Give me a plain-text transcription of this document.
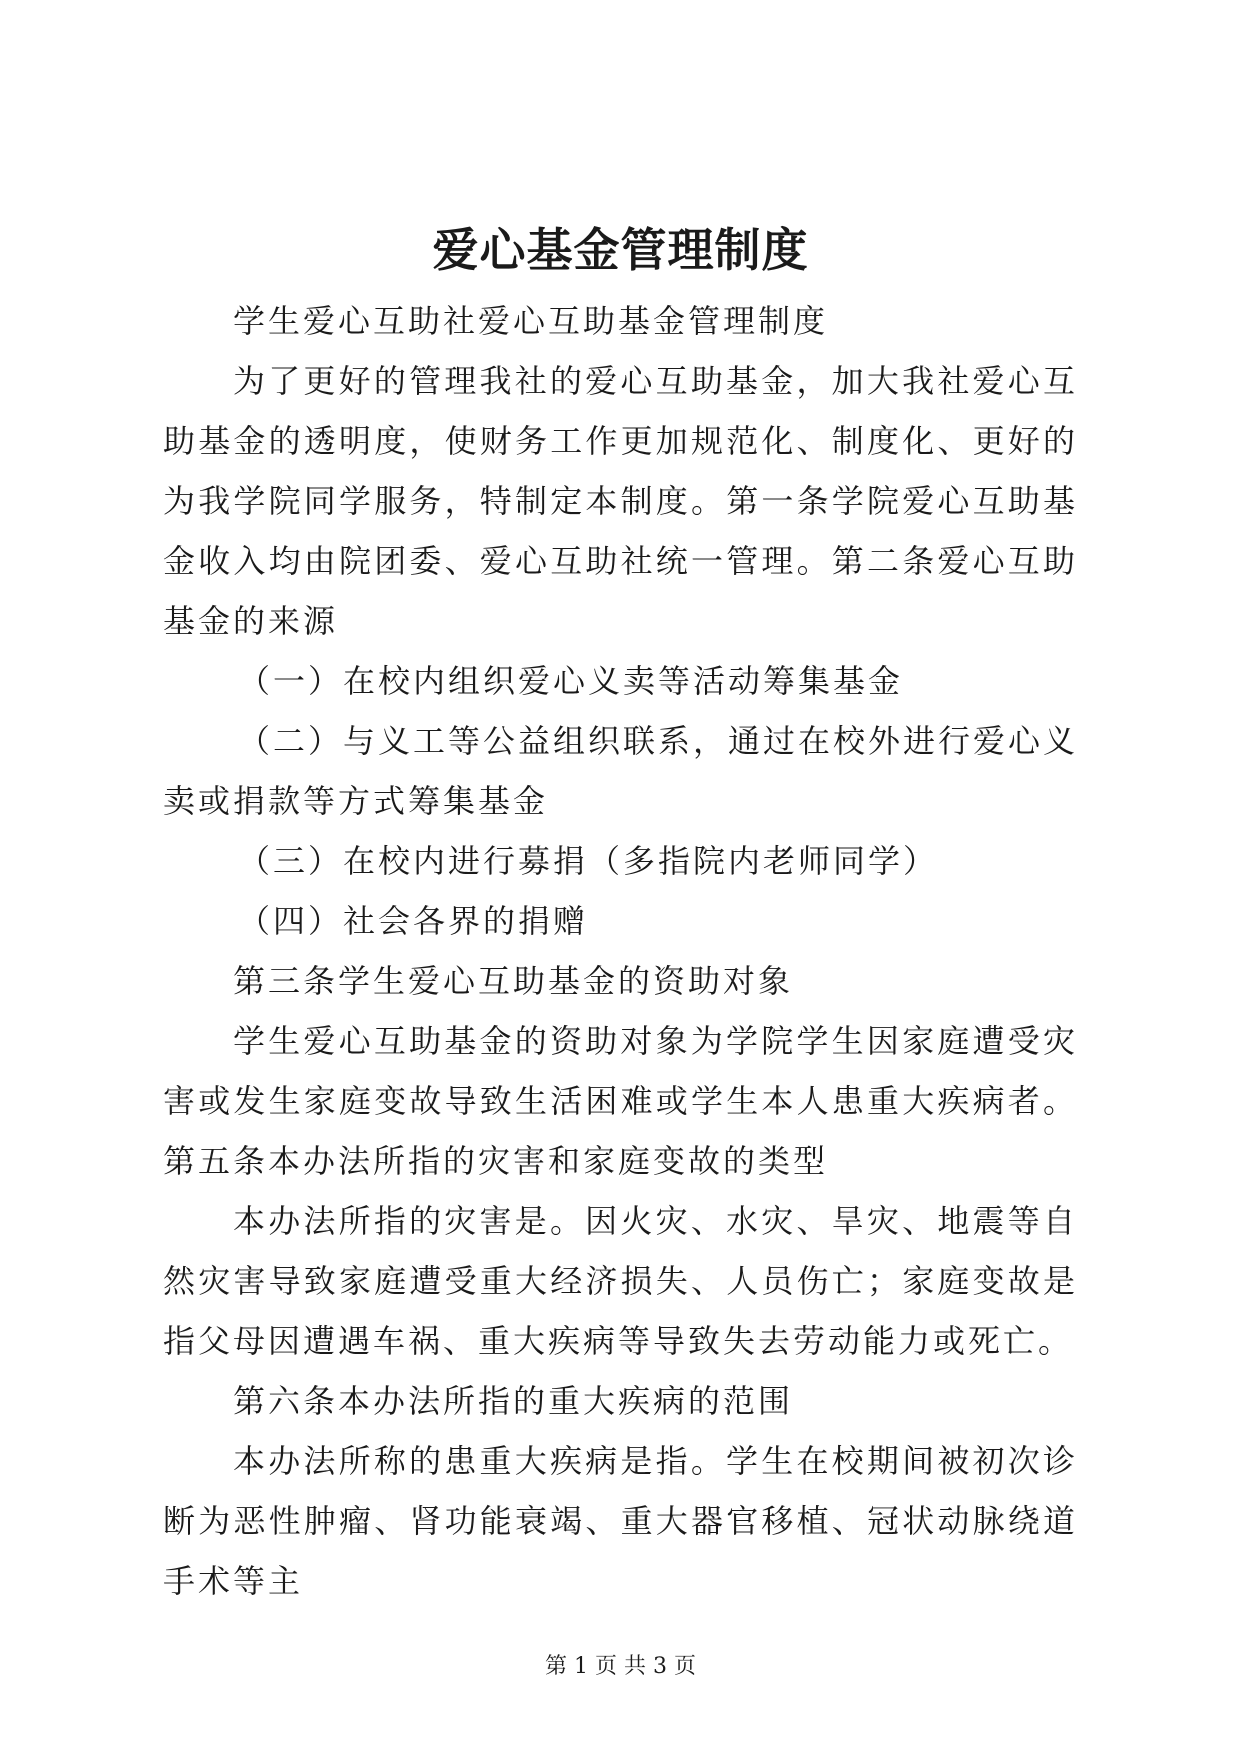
爱心基金管理制度

学生爱心互助社爱心互助基金管理制度

为了更好的管理我社的爱心互助基金，加大我社爱心互助基金的透明度，使财务工作更加规范化、制度化、更好的为我学院同学服务，特制定本制度。第一条学院爱心互助基金收入均由院团委、爱心互助社统一管理。第二条爱心互助基金的来源

（一）在校内组织爱心义卖等活动筹集基金

（二）与义工等公益组织联系，通过在校外进行爱心义卖或捐款等方式筹集基金

（三）在校内进行募捐（多指院内老师同学）

（四）社会各界的捐赠

第三条学生爱心互助基金的资助对象

学生爱心互助基金的资助对象为学院学生因家庭遭受灾害或发生家庭变故导致生活困难或学生本人患重大疾病者。第五条本办法所指的灾害和家庭变故的类型

本办法所指的灾害是。因火灾、水灾、旱灾、地震等自然灾害导致家庭遭受重大经济损失、人员伤亡；家庭变故是指父母因遭遇车祸、重大疾病等导致失去劳动能力或死亡。

第六条本办法所指的重大疾病的范围

本办法所称的患重大疾病是指。学生在校期间被初次诊断为恶性肿瘤、肾功能衰竭、重大器官移植、冠状动脉绕道手术等主

第 1 页 共 3 页
